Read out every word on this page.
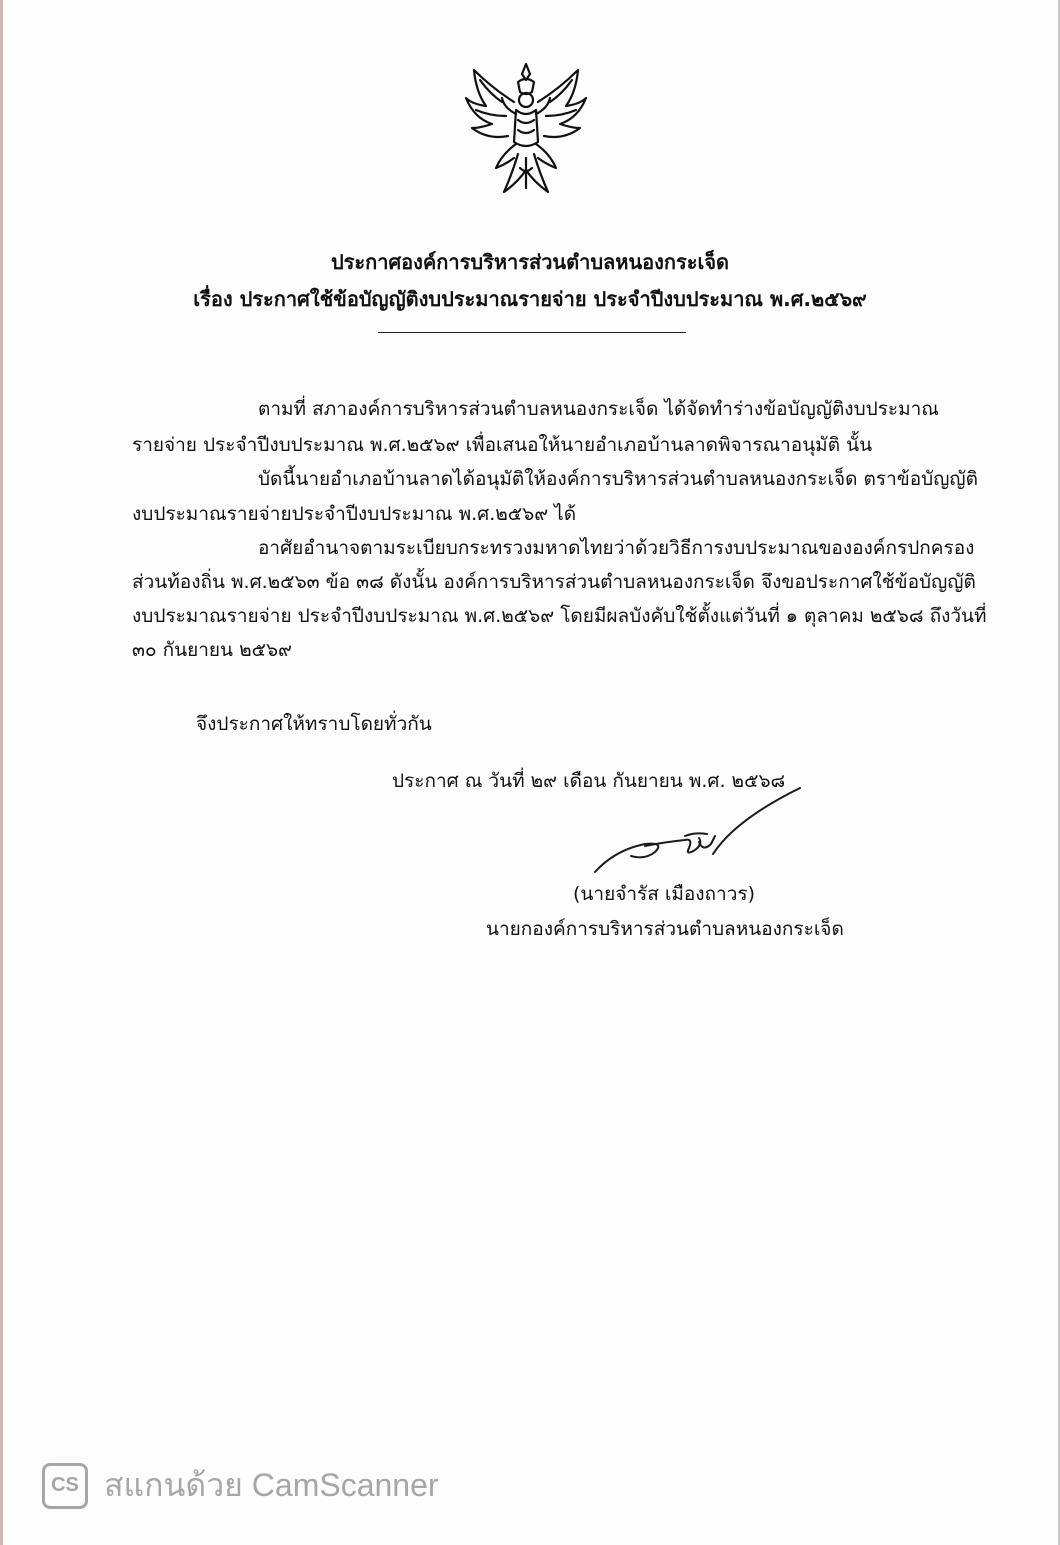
ประกาศองค์การบริหารส่วนตำบลหนองกระเจ็ด
เรื่อง ประกาศใช้ข้อบัญญัติงบประมาณรายจ่าย ประจำปีงบประมาณ พ.ศ.๒๕๖๙
ตามที่ สภาองค์การบริหารส่วนตำบลหนองกระเจ็ด ได้จัดทำร่างข้อบัญญัติงบประมาณ
รายจ่าย ประจำปีงบประมาณ พ.ศ.๒๕๖๙ เพื่อเสนอให้นายอำเภอบ้านลาดพิจารณาอนุมัติ นั้น
บัดนี้นายอำเภอบ้านลาดได้อนุมัติให้องค์การบริหารส่วนตำบลหนองกระเจ็ด ตราข้อบัญญัติ
งบประมาณรายจ่ายประจำปีงบประมาณ พ.ศ.๒๕๖๙ ได้
อาศัยอำนาจตามระเบียบกระทรวงมหาดไทยว่าด้วยวิธีการงบประมาณขององค์กรปกครอง
ส่วนท้องถิ่น พ.ศ.๒๕๖๓ ข้อ ๓๘ ดังนั้น องค์การบริหารส่วนตำบลหนองกระเจ็ด จึงขอประกาศใช้ข้อบัญญัติ
งบประมาณรายจ่าย ประจำปีงบประมาณ พ.ศ.๒๕๖๙ โดยมีผลบังคับใช้ตั้งแต่วันที่ ๑ ตุลาคม ๒๕๖๘ ถึงวันที่
๓๐ กันยายน ๒๕๖๙
จึงประกาศให้ทราบโดยทั่วกัน
ประกาศ ณ วันที่ ๒๙ เดือน กันยายน พ.ศ. ๒๕๖๘
(นายจำรัส เมืองถาวร)
นายกองค์การบริหารส่วนตำบลหนองกระเจ็ด
CS สแกนด้วย CamScanner
